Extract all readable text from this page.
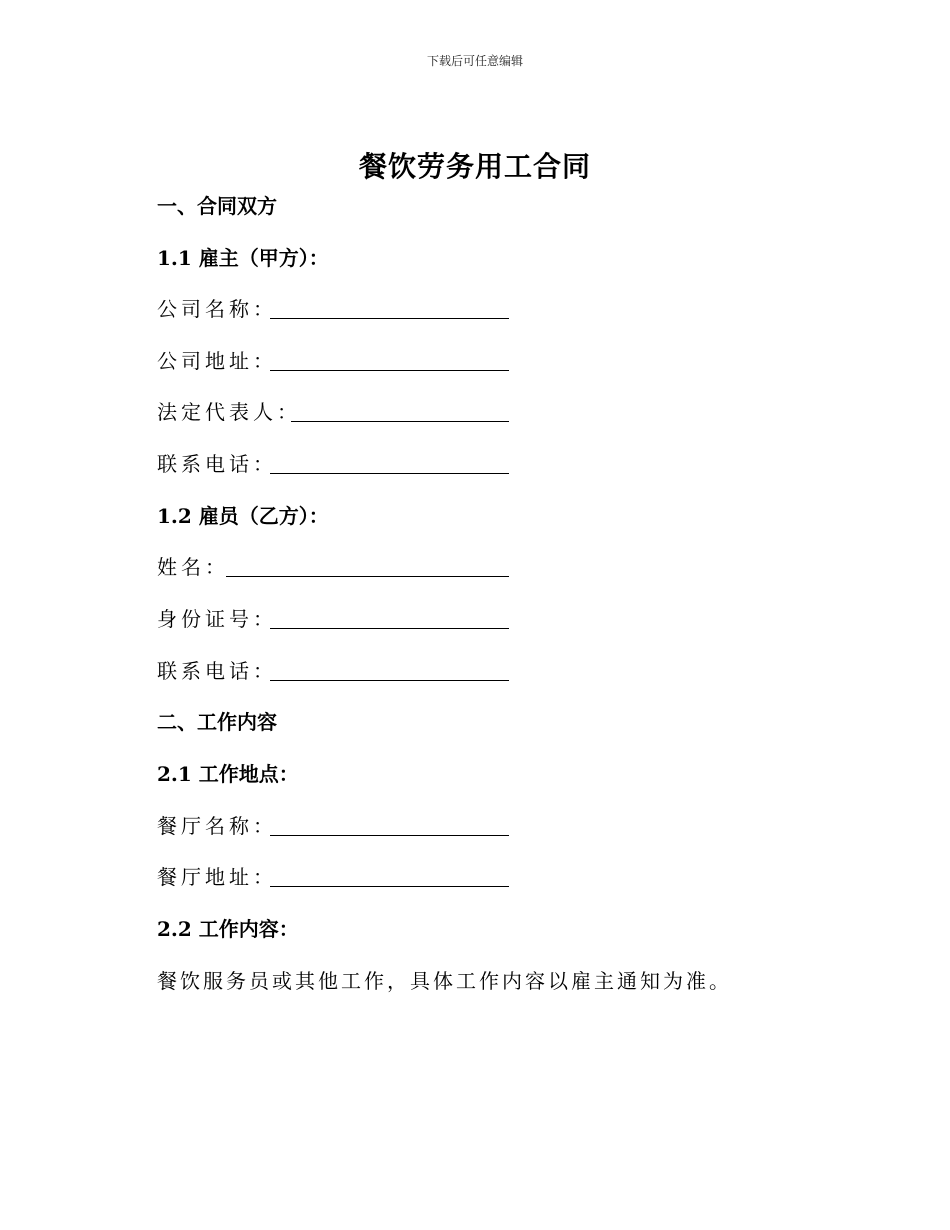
下载后可任意编辑
餐饮劳务用工合同
一、合同双方
1.1 雇主（甲方）：
公司名称：
公司地址：
法定代表人：
联系电话：
1.2 雇员（乙方）：
姓名：
身份证号：
联系电话：
二、工作内容
2.1 工作地点：
餐厅名称：
餐厅地址：
2.2 工作内容：
餐饮服务员或其他工作，具体工作内容以雇主通知为准。
